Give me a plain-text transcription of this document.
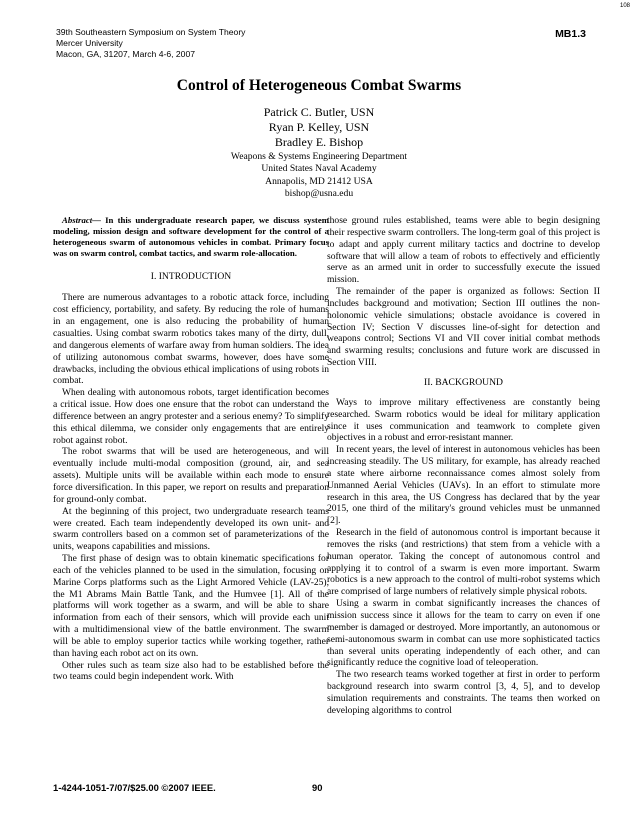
108
39th Southeastern Symposium on System Theory
Mercer University
Macon, GA, 31207, March 4-6, 2007
MB1.3
Control of Heterogeneous Combat Swarms
Patrick C. Butler, USN
Ryan P. Kelley, USN
Bradley E. Bishop
Weapons & Systems Engineering Department
United States Naval Academy
Annapolis, MD 21412 USA
bishop@usna.edu

Abstract— In this undergraduate research paper, we discuss system modeling, mission design and software development for the control of a heterogeneous swarm of autonomous vehicles in combat. Primary focus was on swarm control, combat tactics, and swarm role-allocation.

I. INTRODUCTION

There are numerous advantages to a robotic attack force, including cost efficiency, portability, and safety. By reducing the role of humans in an engagement, one is also reducing the probability of human casualties. Using combat swarm robotics takes many of the dirty, dull, and dangerous elements of warfare away from human soldiers. The idea of utilizing autonomous combat swarms, however, does have some drawbacks, including the obvious ethical implications of using robots in combat.

When dealing with autonomous robots, target identification becomes a critical issue. How does one ensure that the robot can understand the difference between an angry protester and a serious enemy? To simplify this ethical dilemma, we consider only engagements that are entirely robot against robot.

The robot swarms that will be used are heterogeneous, and will eventually include multi-modal composition (ground, air, and sea assets). Multiple units will be available within each mode to ensure force diversification. In this paper, we report on results and preparation for ground-only combat.

At the beginning of this project, two undergraduate research teams were created. Each team independently developed its own unit- and swarm controllers based on a common set of parameterizations of the units, weapons capabilities and missions.

The first phase of design was to obtain kinematic specifications for each of the vehicles planned to be used in the simulation, focusing on Marine Corps platforms such as the Light Armored Vehicle (LAV-25), the M1 Abrams Main Battle Tank, and the Humvee [1]. All of the platforms will work together as a swarm, and will be able to share information from each of their sensors, which will provide each unit with a multidimensional view of the battle environment. The swarm will be able to employ superior tactics while working together, rather than having each robot act on its own.

Other rules such as team size also had to be established before the two teams could begin independent work. With

those ground rules established, teams were able to begin designing their respective swarm controllers. The long-term goal of this project is to adapt and apply current military tactics and doctrine to develop software that will allow a team of robots to effectively and efficiently serve as an armed unit in order to successfully execute the issued mission.

The remainder of the paper is organized as follows: Section II includes background and motivation; Section III outlines the non-holonomic vehicle simulations; obstacle avoidance is covered in Section IV; Section V discusses line-of-sight for detection and weapons control; Sections VI and VII cover initial combat methods and swarming results; conclusions and future work are discussed in Section VIII.

II. BACKGROUND

Ways to improve military effectiveness are constantly being researched. Swarm robotics would be ideal for military application since it uses communication and teamwork to complete given objectives in a robust and error-resistant manner.

In recent years, the level of interest in autonomous vehicles has been increasing steadily. The US military, for example, has already reached a state where airborne reconnaissance comes almost solely from Unmanned Aerial Vehicles (UAVs). In an effort to stimulate more research in this area, the US Congress has declared that by the year 2015, one third of the military's ground vehicles must be unmanned [2].

Research in the field of autonomous control is important because it removes the risks (and restrictions) that stem from a vehicle with a human operator. Taking the concept of autonomous control and applying it to control of a swarm is even more important. Swarm robotics is a new approach to the control of multi-robot systems which are comprised of large numbers of relatively simple physical robots.

Using a swarm in combat significantly increases the chances of mission success since it allows for the team to carry on even if one member is damaged or destroyed. More importantly, an autonomous or semi-autonomous swarm in combat can use more sophisticated tactics than several units operating independently of each other, and can significantly reduce the cognitive load of teleoperation.

The two research teams worked together at first in order to perform background research into swarm control [3, 4, 5], and to develop simulation requirements and constraints. The teams then worked on developing algorithms to control

1-4244-1051-7/07/$25.00 ©2007 IEEE.	90
